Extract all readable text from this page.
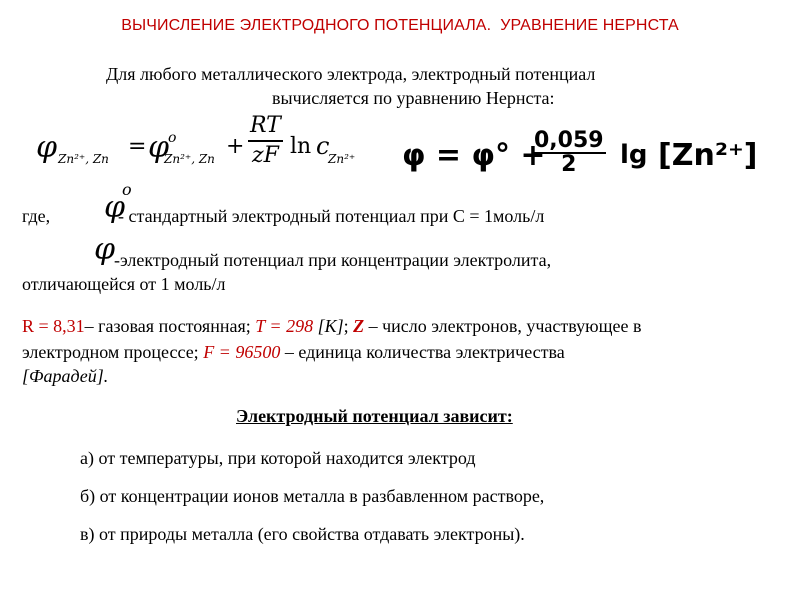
ВЫЧИСЛЕНИЕ ЭЛЕКТРОДНОГО ПОТЕНЦИАЛА.  УРАВНЕНИЕ НЕРНСТА
Для любого металлического электрода, электродный потенциал
вычисляется по уравнению Нернста:
φ Zn²⁺, Zn = φ
o
Zn²⁺, $Zn + \frac{RT}{zF}$ ln c
Zn²⁺ φ = φ° +
$\frac{0,059}{2}$ lg [Zn²⁺]
где, φ
o
- стандартный электродный потенциал при С = 1моль/л
φ
-электродный потенциал при концентрации электролита,
отличающейся от 1 моль/л
R = 8,31– газовая постоянная; T = 298 [K]; Z – число электронов, участвующее в
электродном процессе; F = 96500 – единица количества электричества
[Фарадей].
Электродный потенциал зависит:
а) от температуры, при которой находится электрод
б) от концентрации ионов металла в разбавленном растворе,
в) от природы металла (его свойства отдавать электроны).
